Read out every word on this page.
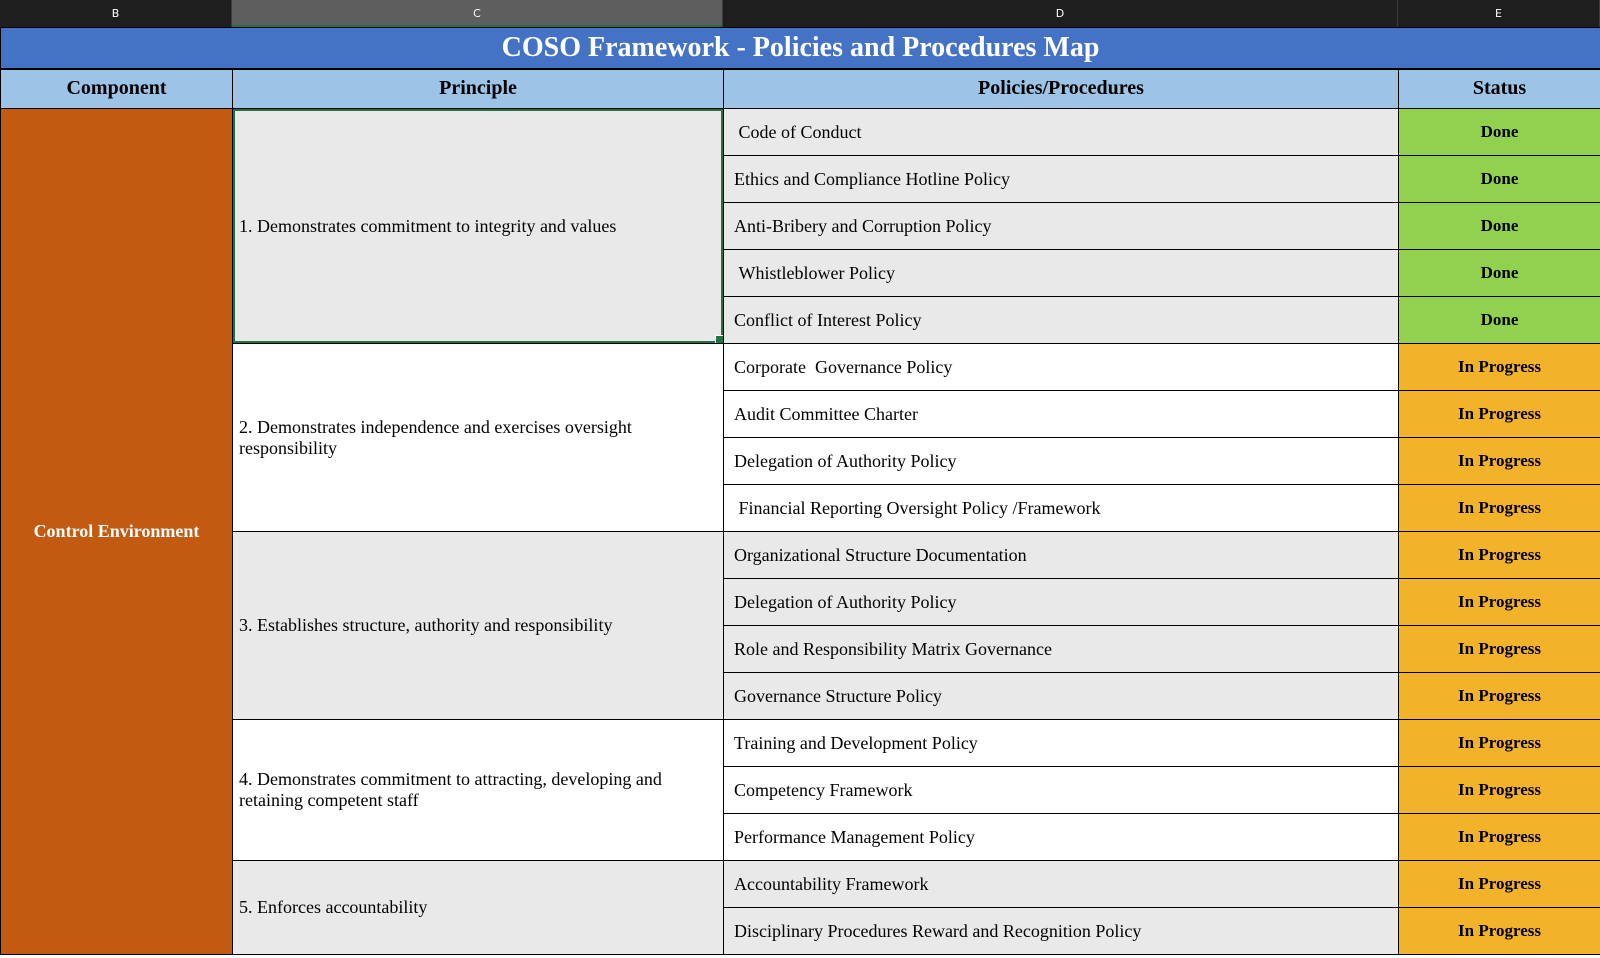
B	C	D	E
COSO Framework - Policies and Procedures Map			
Component	Principle	Policies/Procedures	Status
Control Environment	1. Demonstrates commitment to integrity and values	Code of Conduct	Done
		Ethics and Compliance Hotline Policy	Done
		Anti-Bribery and Corruption Policy	Done
		Whistleblower Policy	Done
		Conflict of Interest Policy	Done
	2. Demonstrates independence and exercises oversight responsibility	Corporate  Governance Policy	In Progress
		Audit Committee Charter	In Progress
		Delegation of Authority Policy	In Progress
		Financial Reporting Oversight Policy /Framework	In Progress
	3. Establishes structure, authority and responsibility	Organizational Structure Documentation	In Progress
		Delegation of Authority Policy	In Progress
		Role and Responsibility Matrix Governance	In Progress
		Governance Structure Policy	In Progress
	4. Demonstrates commitment to attracting, developing and retaining competent staff	Training and Development Policy	In Progress
		Competency Framework	In Progress
		Performance Management Policy	In Progress
	5. Enforces accountability	Accountability Framework	In Progress
		Disciplinary Procedures Reward and Recognition Policy	In Progress
